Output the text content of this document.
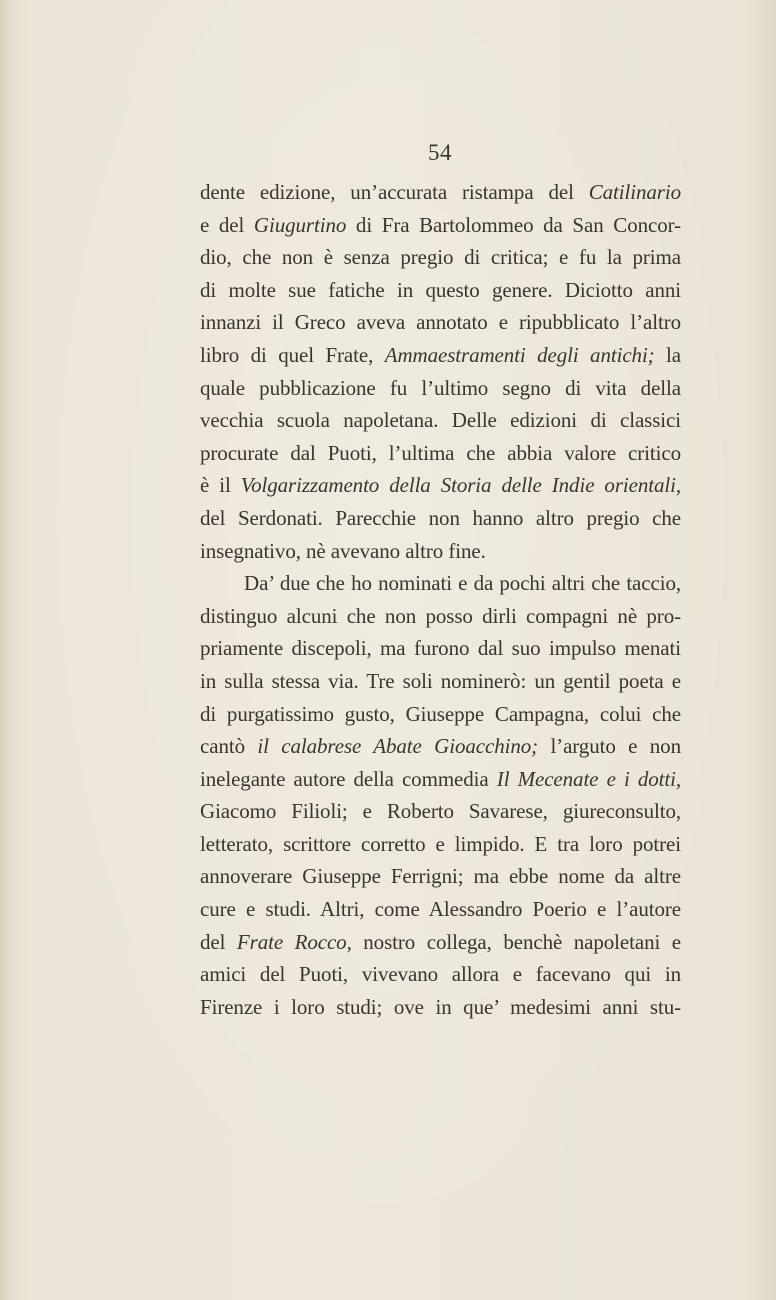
54
dente edizione, un’accurata ristampa del Catilinario
e del Giugurtino di Fra Bartolommeo da San Concor-
dio, che non è senza pregio di critica; e fu la prima
di molte sue fatiche in questo genere. Diciotto anni
innanzi il Greco aveva annotato e ripubblicato l’altro
libro di quel Frate, Ammaestramenti degli antichi; la
quale pubblicazione fu l’ultimo segno di vita della
vecchia scuola napoletana. Delle edizioni di classici
procurate dal Puoti, l’ultima che abbia valore critico
è il Volgarizzamento della Storia delle Indie orientali,
del Serdonati. Parecchie non hanno altro pregio che
insegnativo, nè avevano altro fine.
Da’ due che ho nominati e da pochi altri che taccio,
distinguo alcuni che non posso dirli compagni nè pro-
priamente discepoli, ma furono dal suo impulso menati
in sulla stessa via. Tre soli nominerò: un gentil poeta e
di purgatissimo gusto, Giuseppe Campagna, colui che
cantò il calabrese Abate Gioacchino; l’arguto e non
inelegante autore della commedia Il Mecenate e i dotti,
Giacomo Filioli; e Roberto Savarese, giureconsulto,
letterato, scrittore corretto e limpido. E tra loro potrei
annoverare Giuseppe Ferrigni; ma ebbe nome da altre
cure e studi. Altri, come Alessandro Poerio e l’autore
del Frate Rocco, nostro collega, benchè napoletani e
amici del Puoti, vivevano allora e facevano qui in
Firenze i loro studi; ove in que’ medesimi anni stu-
